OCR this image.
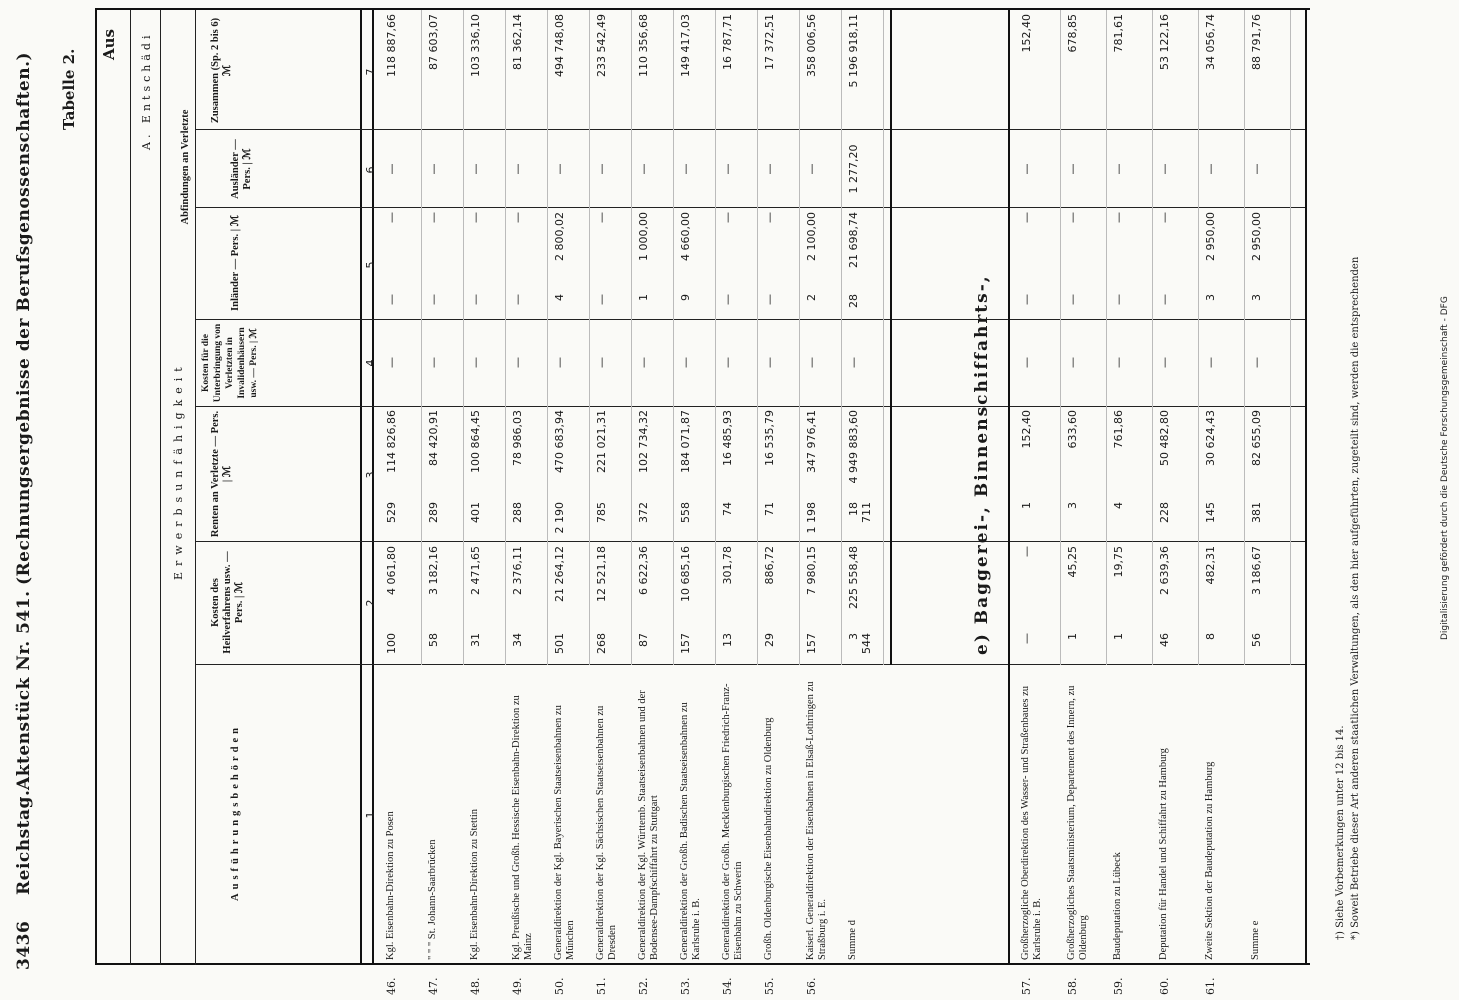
3436
Reichstag.
Aktenstück Nr. 541.
(Rechnungsergebnisse der Berufsgenossenschaften.) Tabelle 2.
Aus A. Entschädi
Erwerbsunfähigkeit
Ausführungsbehörden
Kosten des Heilverfahrens usw. — Pers. | ℳ
Renten an Verletzte — Pers. | ℳ
Kosten für die Unterbringung von Verletzten in Invalidenhäusern usw. — Pers. | ℳ
Abfindungen an Verletzte
Inländer — Pers. | ℳ
Ausländer — Pers. | ℳ
Zusammen (Sp. 2 bis 6) ℳ
1
2
3
4
5
6
7
e) Baggerei-, Binnenschiffahrts-,
†) Siehe Vorbemerkungen unter 12 bis 14. *) Soweit Betriebe dieser Art anderen staatlichen Verwaltungen, als den hier aufgeführten, zugeteilt sind, werden die entsprechenden	Digitalisierung gefördert durch die Deutsche Forschungsgemeinschaft - DFG
46.
Kgl. Eisenbahn-Direktion zu Posen
100
4 061,80
529
114 826,86
—
—
—
—
118 887,66
47.
" " " St. Johann-Saarbrücken
58
3 182,16
289
84 420,91
—
—
—
—
87 603,07
48.
Kgl. Eisenbahn-Direktion zu Stettin
31
2 471,65
401
100 864,45
—
—
—
—
103 336,10
49.
Kgl. Preußische und Großh. Hessische Eisenbahn-Direktion zu Mainz
34
2 376,11
288
78 986,03
—
—
—
—
81 362,14
50.
Generaldirektion der Kgl. Bayerischen Staatseisenbahnen zu München
501
21 264,12
2 190
470 683,94
—
4
2 800,02
—
494 748,08
51.
Generaldirektion der Kgl. Sächsischen Staatseisenbahnen zu Dresden
268
12 521,18
785
221 021,31
—
—
—
—
233 542,49
52.
Generaldirektion der Kgl. Württemb. Staatseisenbahnen und der Bodensee-Dampfschiffahrt zu Stuttgart
87
6 622,36
372
102 734,32
—
1
1 000,00
—
110 356,68
53.
Generaldirektion der Großh. Badischen Staatseisenbahnen zu Karlsruhe i. B.
157
10 685,16
558
184 071,87
—
9
4 660,00
—
149 417,03
54.
Generaldirektion der Großh. Mecklenburgischen Friedrich-Franz-Eisenbahn zu Schwerin
13
301,78
74
16 485,93
—
—
—
—
16 787,71
55.
Großh. Oldenburgische Eisenbahndirektion zu Oldenburg
29
886,72
71
16 535,79
—
—
—
—
17 372,51
56.
Kaiserl. Generaldirektion der Eisenbahnen in Elsaß-Lothringen zu Straßburg i. E.
157
7 980,15
1 198
347 976,41
—
2
2 100,00
—
358 006,56
Summe d
3 544
225 558,48
18 711
4 949 883,60
—
28
21 698,74
1 277,20
5 196 918,11
57.
Großherzogliche Oberdirektion des Wasser- und Straßenbaues zu Karlsruhe i. B.
—
—
1
152,40
—
—
—
—
152,40
58.
Großherzogliches Staatsministerium, Departement des Innern, zu Oldenburg
1
45,25
3
633,60
—
—
—
—
678,85
59.
Baudeputation zu Lübeck
1
19,75
4
761,86
—
—
—
—
781,61
60.
Deputation für Handel und Schiffahrt zu Hamburg
46
2 639,36
228
50 482,80
—
—
—
—
53 122,16
61.
Zweite Sektion der Baudeputation zu Hamburg
8
482,31
145
30 624,43
—
3
2 950,00
—
34 056,74
Summe e
56
3 186,67
381
82 655,09
—
3
2 950,00
—
88 791,76
